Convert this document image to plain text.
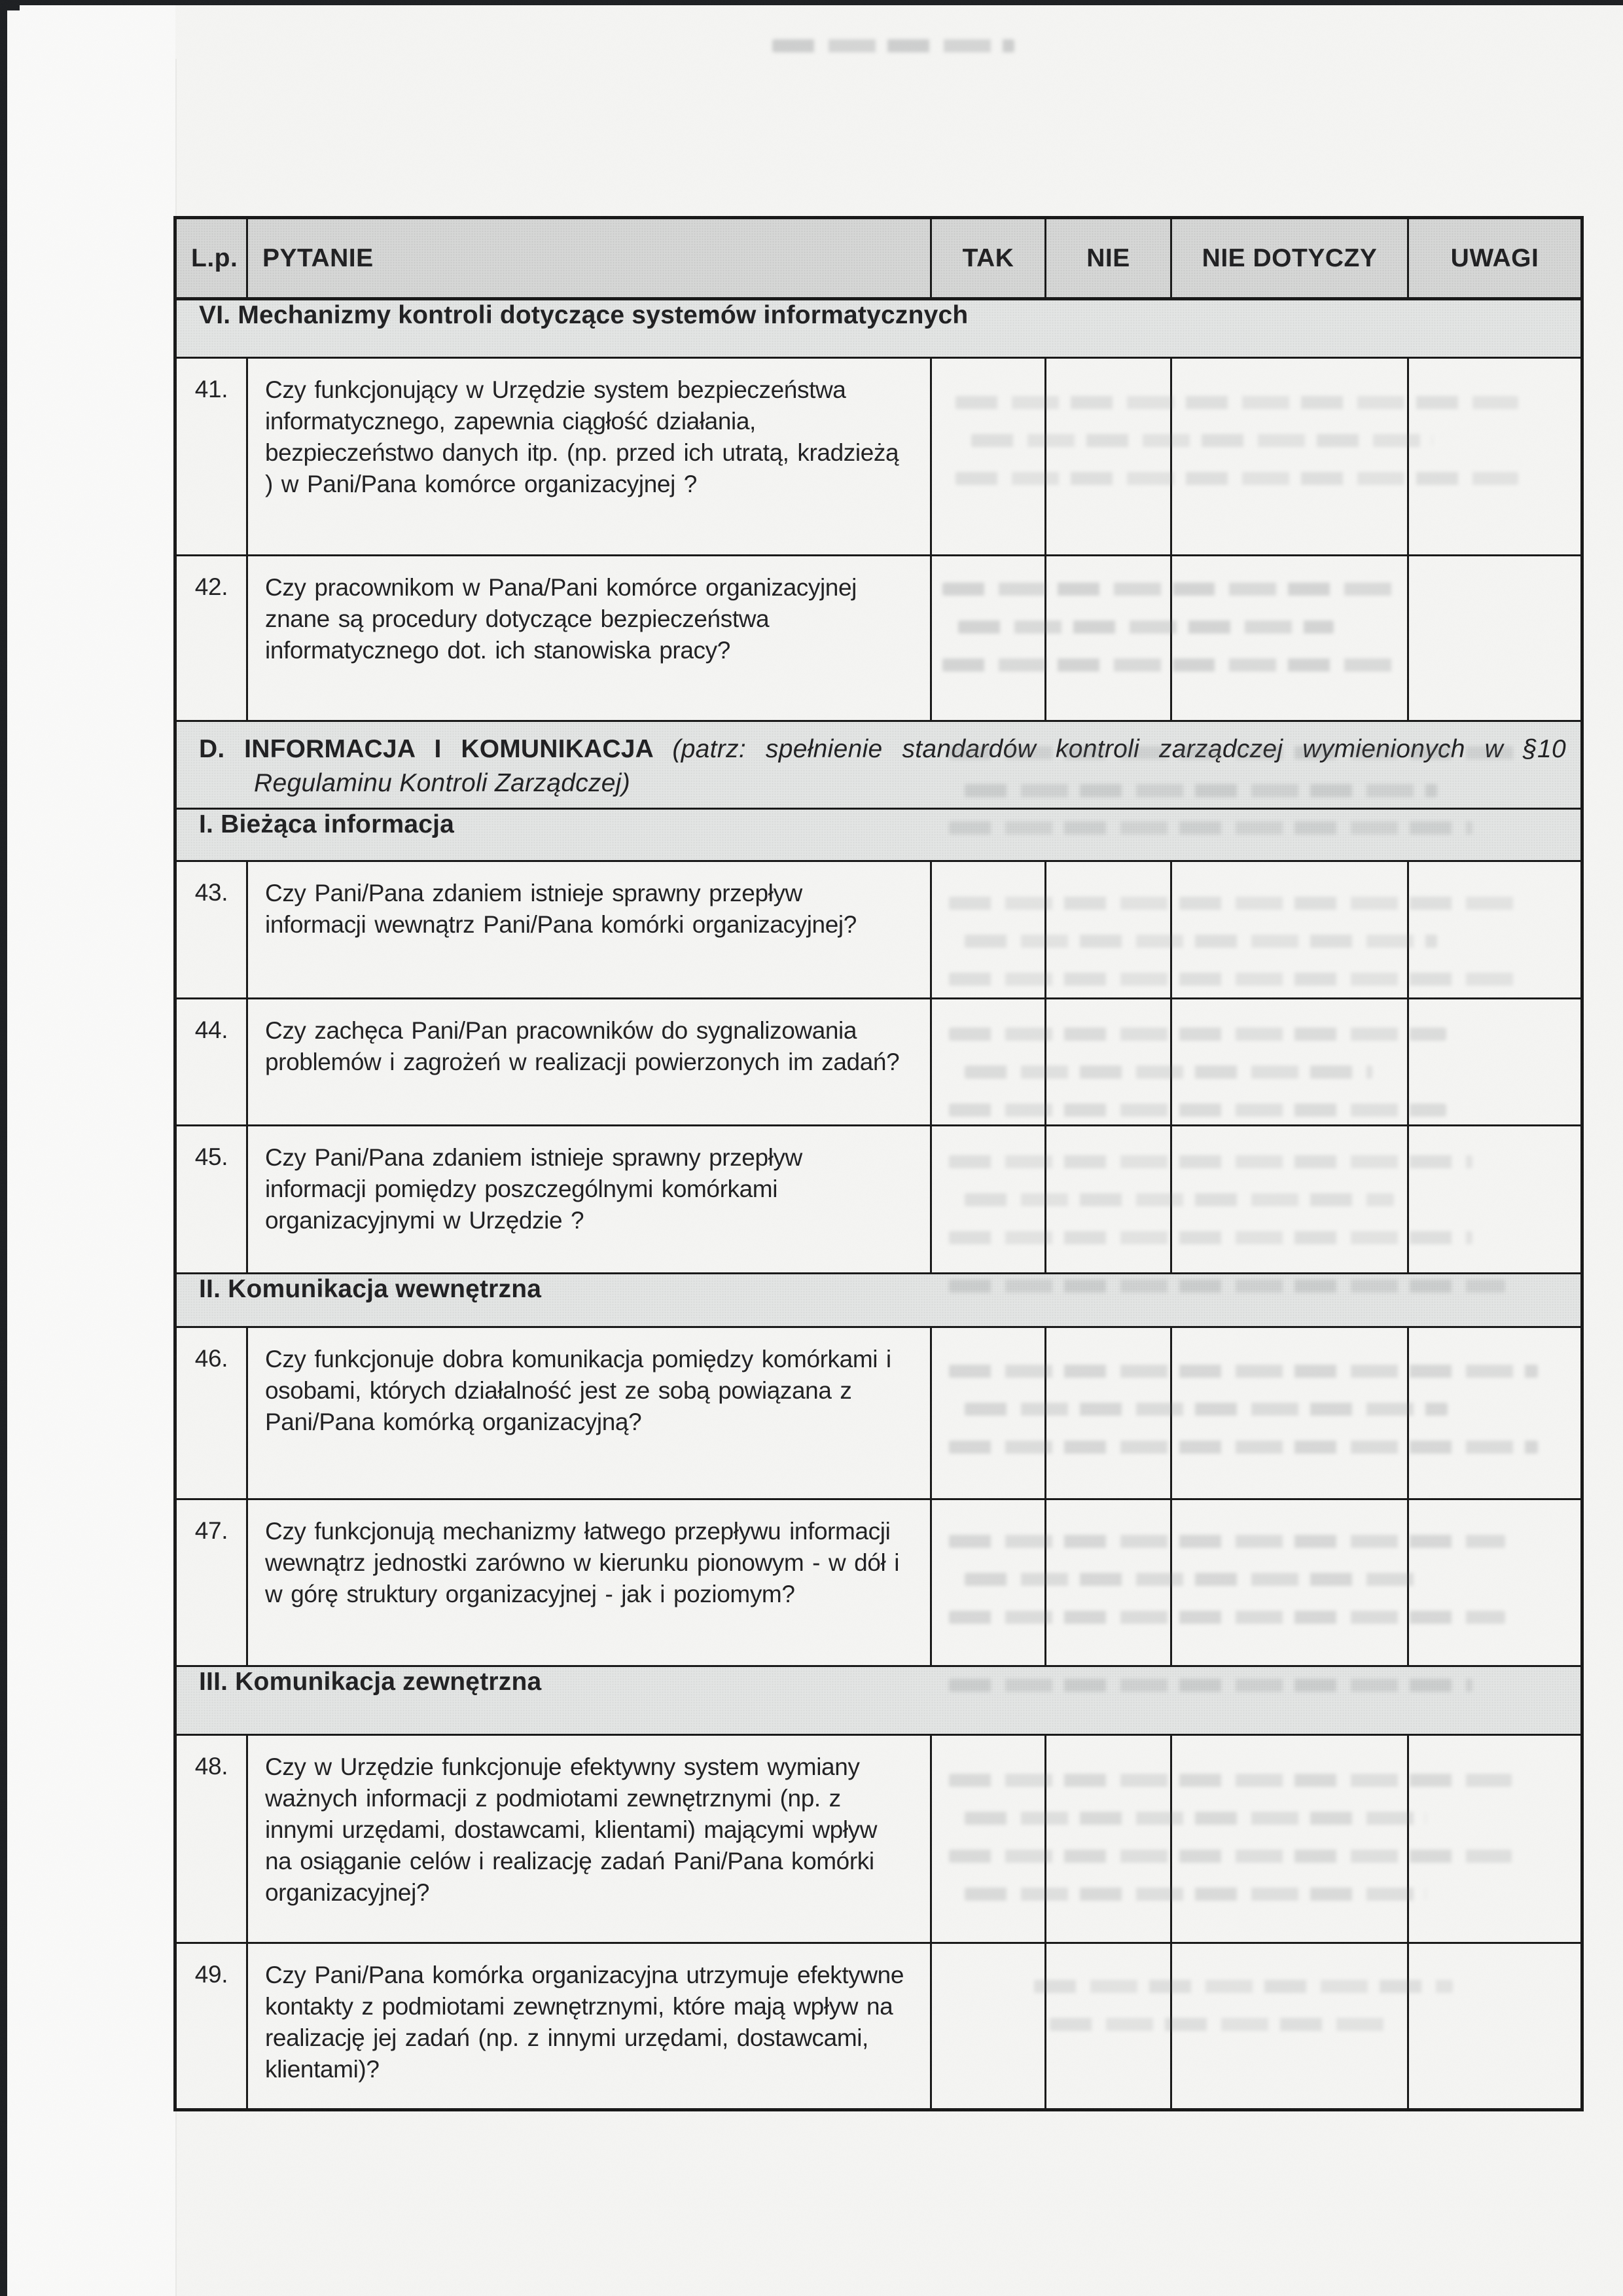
L.p.	PYTANIE	TAK	NIE	NIE DOTYCZY	UWAGI
VI. Mechanizmy kontroli dotyczące systemów informatycznych					
41.	Czy funkcjonujący w Urzędzie system bezpieczeństwa informatycznego, zapewnia ciągłość działania, bezpieczeństwo danych itp. (np. przed ich utratą, kradzieżą ) w Pani/Pana komórce organizacyjnej ?				
42.	Czy pracownikom w Pana/Pani komórce organizacyjnej znane są procedury dotyczące bezpieczeństwa informatycznego dot. ich stanowiska pracy?				
D. INFORMACJA I KOMUNIKACJA (patrz: spełnienie standardów kontroli zarządczej wymienionych w §10 Regulaminu Kontroli Zarządczej)					
I. Bieżąca informacja					
43.	Czy Pani/Pana zdaniem istnieje sprawny przepływ informacji wewnątrz Pani/Pana komórki organizacyjnej?				
44.	Czy zachęca Pani/Pan pracowników do sygnalizowania problemów i zagrożeń w realizacji powierzonych im zadań?				
45.	Czy Pani/Pana zdaniem istnieje sprawny przepływ informacji pomiędzy poszczególnymi komórkami organizacyjnymi w Urzędzie ?				
II. Komunikacja wewnętrzna					
46.	Czy funkcjonuje dobra komunikacja pomiędzy komórkami i osobami, których działalność jest ze sobą powiązana z Pani/Pana komórką organizacyjną?				
47.	Czy funkcjonują mechanizmy łatwego przepływu informacji wewnątrz jednostki zarówno w kierunku pionowym - w dół i w górę struktury organizacyjnej - jak i poziomym?				
III. Komunikacja zewnętrzna					
48.	Czy w Urzędzie funkcjonuje efektywny system wymiany ważnych informacji z podmiotami zewnętrznymi (np. z innymi urzędami, dostawcami, klientami) mającymi wpływ na osiąganie celów i realizację zadań Pani/Pana komórki organizacyjnej?				
49.	Czy Pani/Pana komórka organizacyjna utrzymuje efektywne kontakty z podmiotami zewnętrznymi, które mają wpływ na realizację jej zadań (np. z innymi urzędami, dostawcami, klientami)?				
